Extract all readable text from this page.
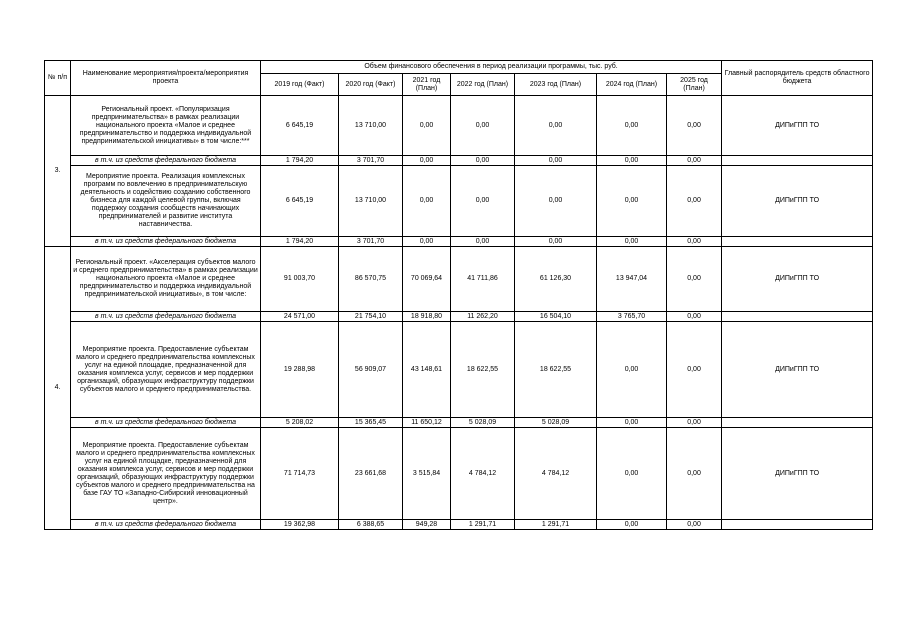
№ п/п	Наименование мероприятия/проекта/мероприятия проекта	Объем финансового обеспечения в период реализации программы, тыс. руб.							Главный распорядитель средств областного бюджета
		2019 год (Факт)	2020 год (Факт)	2021 год (План)	2022 год (План)	2023 год (План)	2024 год (План)	2025 год (План)	
3.	Региональный проект. «Популяризация предпринимательства» в рамках реализации национального проекта «Малое и среднее предпринимательство и поддержка индивидуальной предпринимательской инициативы» в том числе:***	6 645,19	13 710,00	0,00	0,00	0,00	0,00	0,00	ДИПиГПП ТО
	в т.ч. из средств федерального бюджета	1 794,20	3 701,70	0,00	0,00	0,00	0,00	0,00	
	Мероприятие проекта. Реализация комплексных программ по вовлечению в предпринимательскую деятельность и содействию созданию собственного бизнеса для каждой целевой группы, включая поддержку создания сообществ начинающих предпринимателей и развитие института наставничества.	6 645,19	13 710,00	0,00	0,00	0,00	0,00	0,00	ДИПиГПП ТО
	в т.ч. из средств федерального бюджета	1 794,20	3 701,70	0,00	0,00	0,00	0,00	0,00	
4.	Региональный проект. «Акселерация субъектов малого и среднего предпринимательства» в рамках реализации национального проекта «Малое и среднее предпринимательство и поддержка индивидуальной предпринимательской инициативы», в том числе:	91 003,70	86 570,75	70 069,64	41 711,86	61 126,30	13 947,04	0,00	ДИПиГПП ТО
	в т.ч. из средств федерального бюджета	24 571,00	21 754,10	18 918,80	11 262,20	16 504,10	3 765,70	0,00	
	Мероприятие проекта. Предоставление субъектам малого и среднего предпринимательства комплексных услуг на единой площадке, предназначенной для оказания комплекса услуг, сервисов и мер поддержки организаций, образующих инфраструктуру поддержки субъектов малого и среднего предпринимательства.	19 288,98	56 909,07	43 148,61	18 622,55	18 622,55	0,00	0,00	ДИПиГПП ТО
	в т.ч. из средств федерального бюджета	5 208,02	15 365,45	11 650,12	5 028,09	5 028,09	0,00	0,00	
	Мероприятие проекта. Предоставление субъектам малого и среднего предпринимательства комплексных услуг на единой площадке, предназначенной для оказания комплекса услуг, сервисов и мер поддержки организаций, образующих инфраструктуру поддержки субъектов малого и среднего предпринимательства на базе ГАУ ТО «Западно-Сибирский инновационный центр».	71 714,73	23 661,68	3 515,84	4 784,12	4 784,12	0,00	0,00	ДИПиГПП ТО
	в т.ч. из средств федерального бюджета	19 362,98	6 388,65	949,28	1 291,71	1 291,71	0,00	0,00	
